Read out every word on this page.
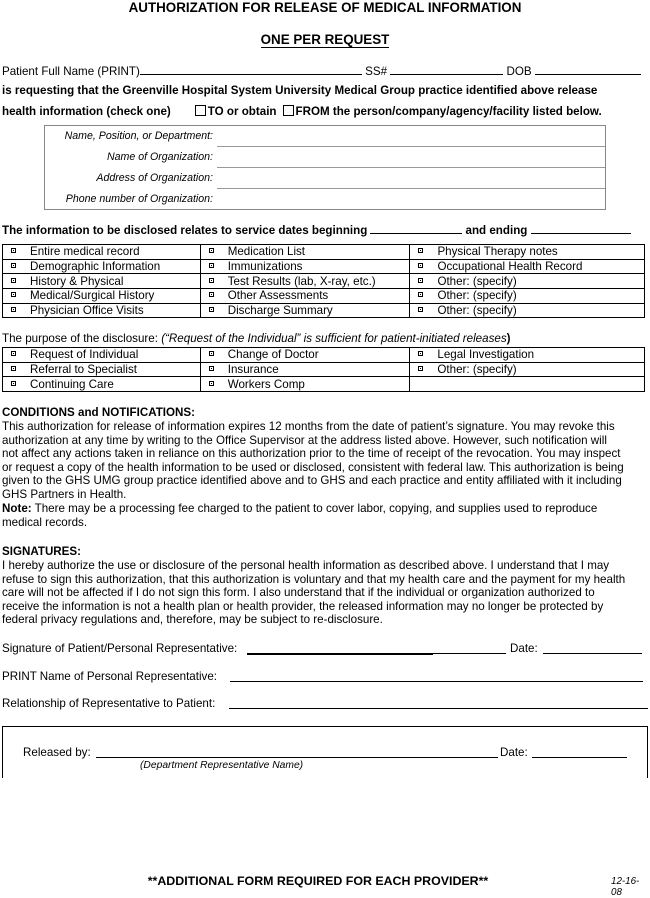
AUTHORIZATION FOR RELEASE OF MEDICAL INFORMATION
ONE PER REQUEST
Patient Full Name (PRINT)	SS#	DOB
is requesting that the Greenville Hospital System University Medical Group practice identified above release
health information (check one)	TO or obtain FROM the person/company/agency/facility listed below.
Name, Position, or Department:
Name of Organization:
Address of Organization:
Phone number of Organization:
The information to be disclosed relates to service dates beginning	and ending
Entire medical record	Medication List	Physical Therapy notes
Demographic Information	Immunizations	Occupational Health Record
History & Physical	Test Results (lab, X-ray, etc.)	Other: (specify)
Medical/Surgical History	Other Assessments	Other: (specify)
Physician Office Visits	Discharge Summary	Other: (specify)
The purpose of the disclosure: (“Request of the Individual” is sufficient for patient-initiated releases)
Request of Individual	Change of Doctor	Legal Investigation
Referral to Specialist	Insurance	Other: (specify)
Continuing Care	Workers Comp	
CONDITIONS and NOTIFICATIONS:
This authorization for release of information expires 12 months from the date of patient’s signature. You may revoke this
authorization at any time by writing to the Office Supervisor at the address listed above. However, such notification will
not affect any actions taken in reliance on this authorization prior to the time of receipt of the revocation. You may inspect
or request a copy of the health information to be used or disclosed, consistent with federal law. This authorization is being
given to the GHS UMG group practice identified above and to GHS and each practice and entity affiliated with it including
GHS Partners in Health.
Note: There may be a processing fee charged to the patient to cover labor, copying, and supplies used to reproduce
medical records.
SIGNATURES:
I hereby authorize the use or disclosure of the personal health information as described above. I understand that I may
refuse to sign this authorization, that this authorization is voluntary and that my health care and the payment for my health
care will not be affected if I do not sign this form. I also understand that if the individual or organization authorized to
receive the information is not a health plan or health provider, the released information may no longer be protected by
federal privacy regulations and, therefore, may be subject to re-disclosure.
Signature of Patient/Personal Representative:	Date:
PRINT Name of Personal Representative:
Relationship of Representative to Patient:
Released by:	Date:
(Department Representative Name)
**ADDITIONAL FORM REQUIRED FOR EACH PROVIDER**	12-16-08
